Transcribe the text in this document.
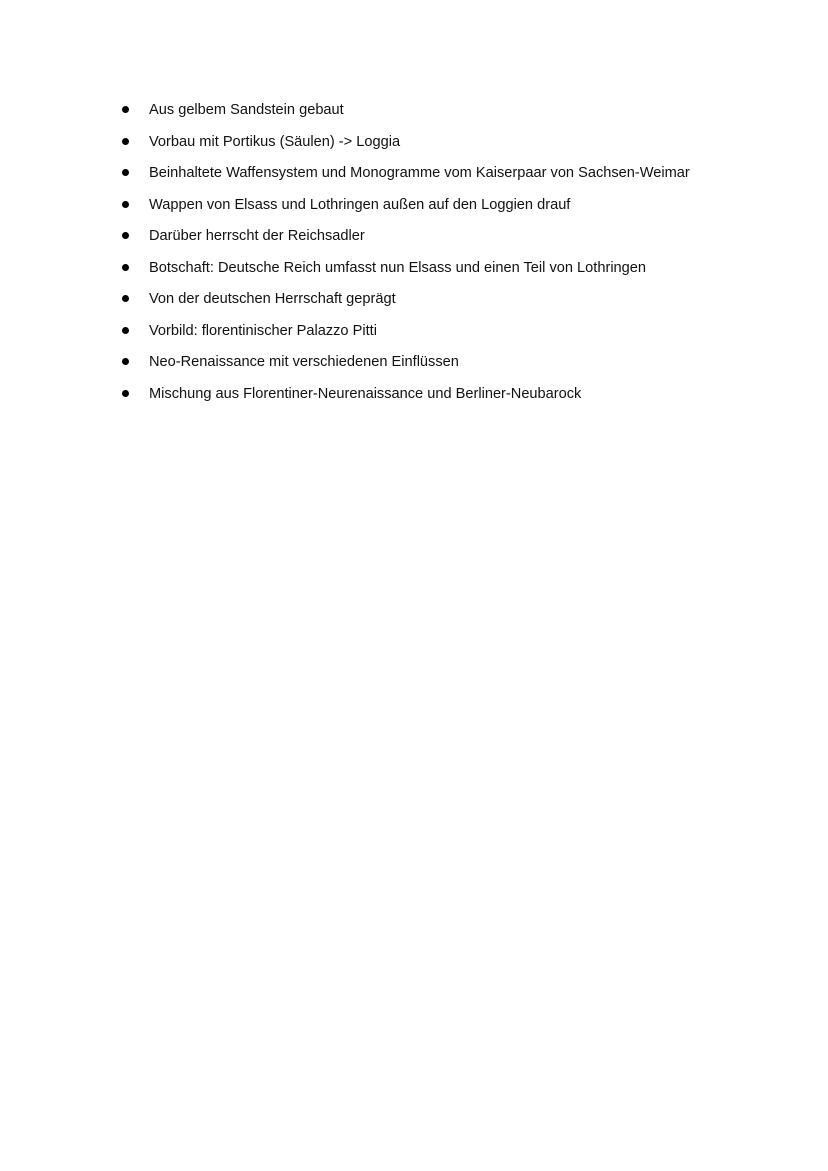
Aus gelbem Sandstein gebaut
Vorbau mit Portikus (Säulen) -> Loggia
Beinhaltete Waffensystem und Monogramme vom Kaiserpaar von Sachsen-Weimar
Wappen von Elsass und Lothringen außen auf den Loggien drauf
Darüber herrscht der Reichsadler
Botschaft: Deutsche Reich umfasst nun Elsass und einen Teil von Lothringen
Von der deutschen Herrschaft geprägt
Vorbild: florentinischer Palazzo Pitti
Neo-Renaissance mit verschiedenen Einflüssen
Mischung aus Florentiner-Neurenaissance und Berliner-Neubarock
